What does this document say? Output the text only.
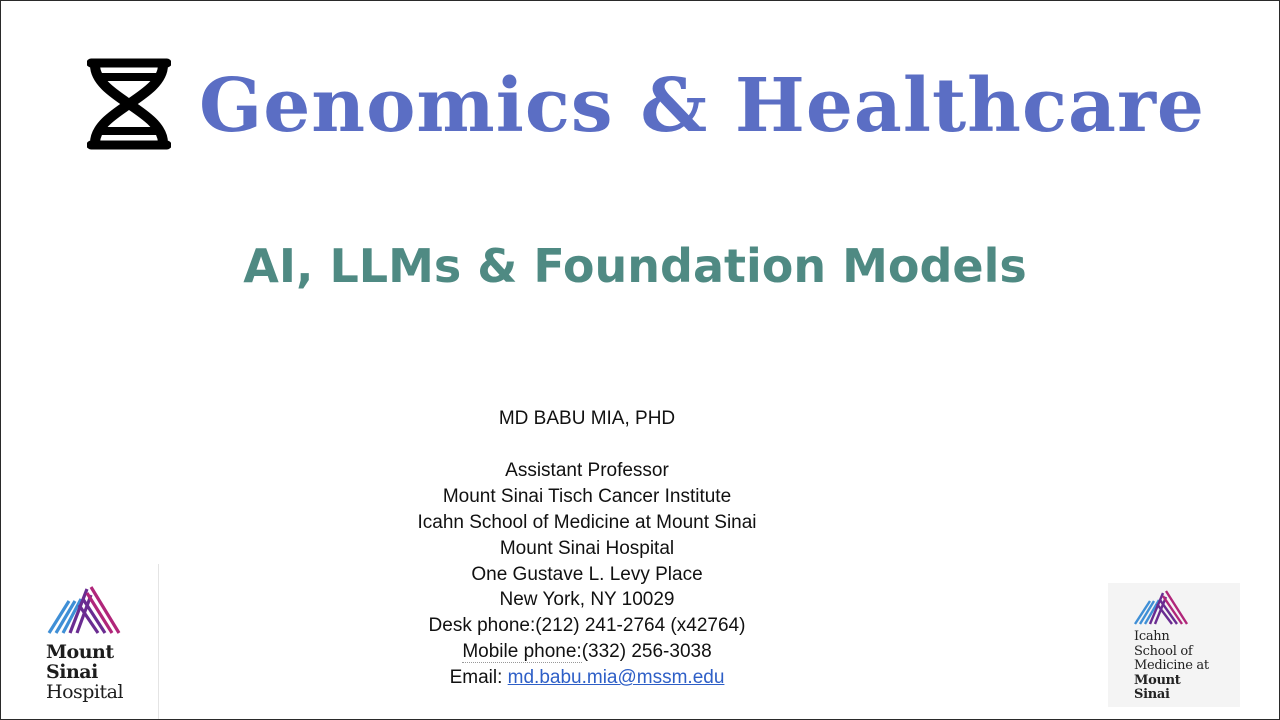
Genomics & Healthcare
AI, LLMs & Foundation Models
MD BABU MIA, PHD
Assistant Professor
Mount Sinai Tisch Cancer Institute
Icahn School of Medicine at Mount Sinai
Mount Sinai Hospital
One Gustave L. Levy Place
New York, NY 10029
Desk phone:(212) 241-2764 (x42764)
Mobile phone:(332) 256-3038
Email: md.babu.mia@mssm.edu
Mount
Sinai
Hospital
Icahn
School of
Medicine at
Mount
Sinai
